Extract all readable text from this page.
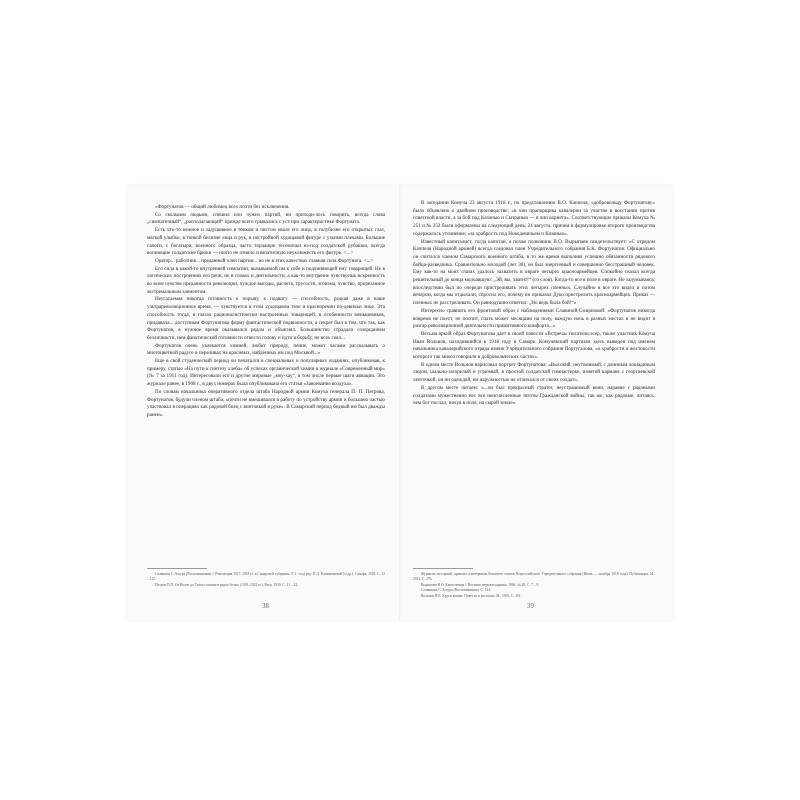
«Фортунатов — общий любимец всех почти без исключения.

Со скольким людьми, спешил или чужих партий, ни приходи-лось говорить, всегда слова „симпатичный“, „располагающий“ прежде всего срывались с уст при характеристике Фортуната.

Есть что-то нежное и задушевное в тонком и чистом овале его лица, в голубизне его открытых глаз, мягкой улыбке, в тонкой белизне лица и рук, в нестройной худощавой фигуре с узкими плечами. Большие сапоги, с богатыри, военного образца, часто торчащие тесемочки из-под солдатской рубашки, всегда вопиющие солдатские брюки — ничто не отняло симпатичную неуклюжесть его фигуре. <...>

Оратор... работник... преданный член партии... но не в этих качествах главная сила Фортуната. <...>

Его сила в какой-то внутренней симпатии, вызываемой им к себе и подчиняющей ему товарищей. Не в логических построениях его речи, не в словах и деятельности, а как-то внутренне чувствуешь искренность во всем чувстве преданности революции, чуждое выгоды, расчета, трусости, эгоизма, чувство, прорезанное экстремальным элементом.

Неугасаемая никогда готовность к порыву, к подвигу — способность, редкая даже в наше ультрареволюционное время, — чувствуется в этом худощавом теле и красноречии по-девичьи лице. Эта способность тогда, в глазах рационалистически настроенных товарищей, в особенности меньшевиков, придавала... доступным Фортунатова форму фантастической подвижности, а секрет был в том, что так, как Фортунатов, в нужное время оказывался рядом и объяснял. Большинство страдало созерцанием безличности, нем фанатической готовности отвести голову и идти в борьбу, не всех сеял...

Фортунатов очень увлекается химией, любит природу, пение, может часами рассказывать о многоцветной радуге и переливах на красивых, найденных им под Москвой...»

Еще в свой студенческий период он печатался в специальных и популярных изданиях, опубликовав, к примеру, статью «На пути к синтезу хлеба» об успехах органической химии в журнале «Современный мир» (№ 7 за 1911 год). Интересовали его и другие мировые „моу-хау“, в том числе первые шаги авиации. Эго журнале ранее, в 1908 г., в двух номерах была опубликована его статья «Завоевание воздуха».

По словам начальника оперативного отдела штаба Народной армии Комуча генерала П. П. Петрова, Фортунатов, будучи членом штаба, «почти не вмешивался в работу по устройству армии и большею частью участвовал в операциях как рядовой боец с винтовкой в руке». В Самарский период бедный им был дважды ранен».

Славянин С.Эспура (Воспоминания) // Революция 1917–1918 гг. в Самарской губернии. Т. 1 / под ред. П.Д. Клинковаевой [и др.]. Самара, 1918. С. 12 – 125.

Петров П.П. От Волги до Тихого океана в рядах белых (1918–1922 гг.). Рига, 1930. С. 21 – 22.

38

В заседании Комуча 23 августа 1918 г., по представлению В.О. Каппеля, «добровольцу Фортунатову» было объявлено о двойном производстве: «в чин прапорщика кавалерии за участие в восстании против советской власти, а за бой под Казанью и Сызранью — в чин корнета». Соответствующие приказы Комуча № 251 и № 252 были оформлены на следующий день, 24 августа, причем в формулировке второго производства содержалось уточнение: «за храбрость под Новодевичьем и Казанью».

Известный капиталист, тогда капитан, а позже полковник В.О. Вырыпаев свидетельствует: «С отрядом Каппеля (Народной армией) всегда следовал член Учредительного собрания Б.К. Фортунатов. Официально он считался членом Самарского военного штаба, в то же время выполнял успешно обязанности рядового бойца-разведчика. Сравнительно молодой (лет 30), он был энергичный и совершенно бесстрашный человек. Ему как-то на моих глазах удалось захватить в овраге четырех красноармейцев. Спокойно сказал всегда решительный до конца молчавшую: „Эй, вы, хватит!“ (со слов). Когда-то все в поле в овраге. Не задумываясь, впоследствии был по очереди пристреливать этих четырех пленных. Случайно в все это видел и потом вечером, когда мы отдыхали, спросил его, почему он приказал Дуко пристрелить красноармейцев. Приказ — пленных не расстреливать. Он равнодушно ответил: „Но ведь была бой!“»

Интересно сравнить его фронтовой образ с наблюдениями Славиной-Смирновой: «Фортунатов никогда вовремя не поест, не поспит, спать может месяцами на полу, каждую ночь в разных местах и не видит в разгар революционной деятельности примитивного комфорта...»

Весьма яркий образ Фортунатова дает в своей повести «Встреча» писатель-эсер, также участник Комуча Иван Вольнов, находившийся в 1918 году в Самаре. Комучевский партизан здесь выведен под именем начальника кавалерийского отряда имени Учредительного собрания Португалова, «о храбрости и жестокости которого так много говорили в добровольческих частях».

В одном месте Вольнов нарисовал портрет Фортунатова: «Высокий, неутомимый, с длинным лошадиным лицом, шально-загорелый и угрюмый, в простой солдатской гимнастерке, изнятой кармане с георгиевской ленточкой, он ни одеждой, ни наружностью не отличался от своих солдат».

В другом месте читаем: «...он был прекрасный стратег, неустрашимый воин, наравне с рядовыми солдатами мужественно нес все неисчисленные тяготы Гражданской войны, так же, как рядовые, питаясь, чем бог послал, ночуя в поле, на сырой земле».

Журналы заседаний, приказы и материалы Комитета членов Всероссийского Учредительного собрания (Июнь — октябрь 1918 года). Публикация. М., 2011. С. 276.

Вырыпаев В.О. Каппелевцы // Вестник первопоходника. 1964. № 28. С. 7 – 9.

Славянина С.Эспура (Воспоминания). С. 124.

Вольнов И.Е. Круги жизни: Повести и рассказы. М., 1991. С. 291.

39
